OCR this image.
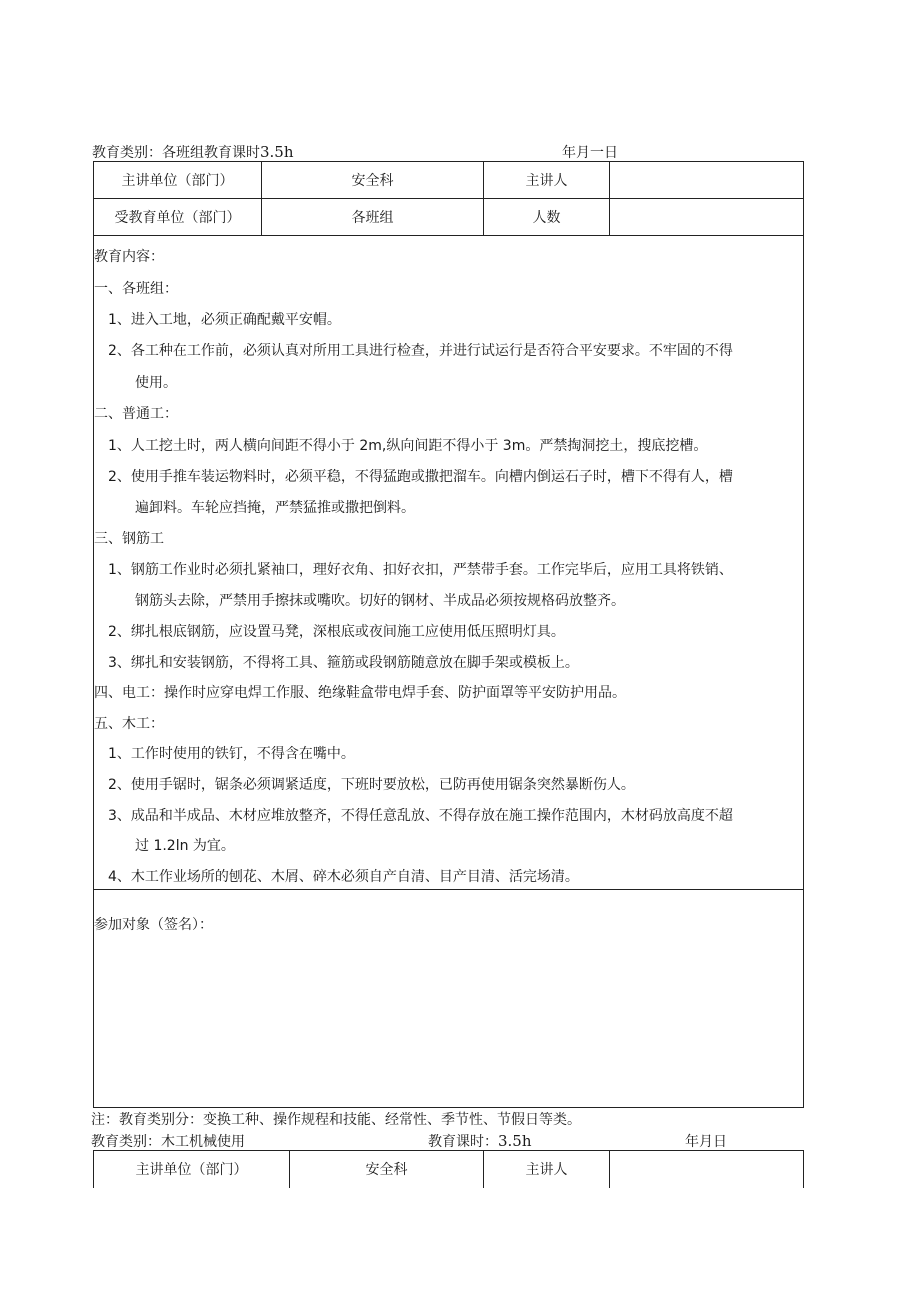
教育类别：各班组教育课时3.5h	年月一日
主讲单位（部门）	安全科	主讲人
受教育单位（部门）	各班组	人数
教育内容：
一、各班组：
1、进入工地，必须正确配戴平安帽。
2、各工种在工作前，必须认真对所用工具进行检查，并进行试运行是否符合平安要求。不牢固的不得
使用。
二、普通工：
1、人工挖土时，两人横向间距不得小于 2m,纵向间距不得小于 3m。严禁掏洞挖土，搜底挖槽。
2、使用手推车装运物料时，必须平稳，不得猛跑或撒把溜车。向槽内倒运石子时，槽下不得有人，槽
遍卸料。车轮应挡掩，严禁猛推或撒把倒料。
三、钢筋工
1、钢筋工作业时必须扎紧袖口，理好衣角、扣好衣扣，严禁带手套。工作完毕后，应用工具将铁销、
钢筋头去除，严禁用手擦抹或嘴吹。切好的钢材、半成品必须按规格码放整齐。
2、绑扎根底钢筋，应设置马凳，深根底或夜间施工应使用低压照明灯具。
3、绑扎和安装钢筋，不得将工具、箍筋或段钢筋随意放在脚手架或模板上。
四、电工：操作时应穿电焊工作服、绝缘鞋盒带电焊手套、防护面罩等平安防护用品。
五、木工：
1、工作时使用的铁钉，不得含在嘴中。
2、使用手锯时，锯条必须调紧适度，下班时要放松，已防再使用锯条突然暴断伤人。
3、成品和半成品、木材应堆放整齐，不得任意乱放、不得存放在施工操作范围内，木材码放高度不超
过 1.2ln 为宜。
4、木工作业场所的刨花、木屑、碎木必须自产自清、目产目清、活完场清。
参加对象（签名）：
注：教育类别分：变换工种、操作规程和技能、经常性、季节性、节假日等类。
教育类别：木工机械使用	教育课时：3.5h	年月日
主讲单位（部门）	安全科	主讲人
